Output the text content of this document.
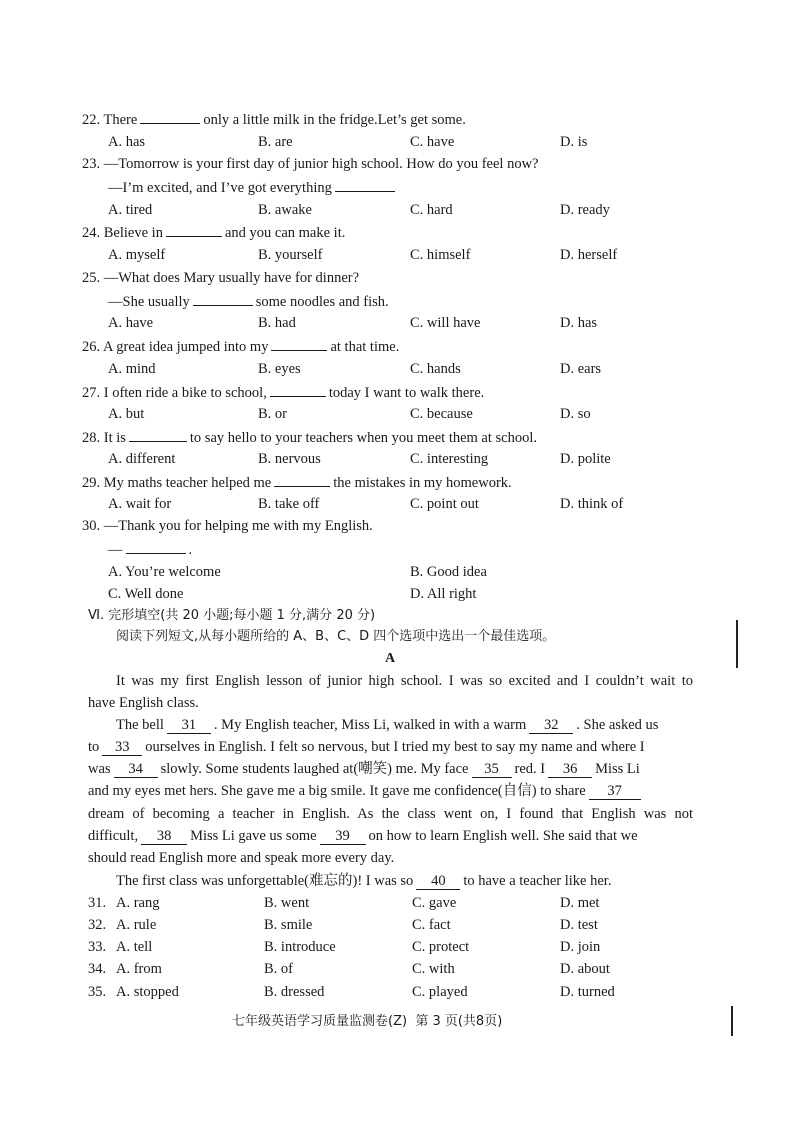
22. There	only a little milk in the fridge.Let’s get some.
A. has	B. are	C. have	D. is
23. —Tomorrow is your first day of junior high school. How do you feel now?
—I’m excited, and I’ve got everything
A. tired	B. awake	C. hard	D. ready
24. Believe in	and you can make it.
A. myself	B. yourself	C. himself	D. herself
25. —What does Mary usually have for dinner?
—She usually	some noodles and fish.
A. have	B. had	C. will have	D. has
26. A great idea jumped into my	at that time.
A. mind	B. eyes	C. hands	D. ears
27. I often ride a bike to school,	today I want to walk there.
A. but	B. or	C. because	D. so
28. It is	to say hello to your teachers when you meet them at school.
A. different	B. nervous	C. interesting	D. polite
29. My maths teacher helped me	the mistakes in my homework.
A. wait for	B. take off	C. point out	D. think of
30. —Thank you for helping me with my English.
—	.
A. You’re welcome	B. Good idea
C. Well done	D. All right
Ⅵ. 完形填空(共 20 小题;每小题 1 分,满分 20 分)
阅读下列短文,从每小题所给的 A、B、C、D 四个选项中选出一个最佳选项。
A
It was my first English lesson of junior high school. I was so excited and I couldn’t wait to
have English class.
The bell 31 . My English teacher, Miss Li, walked in with a warm 32 . She asked us
to 33 ourselves in English. I felt so nervous, but I tried my best to say my name and where I
was 34 slowly. Some students laughed at(嘲笑) me. My face 35 red. I 36 Miss Li
and my eyes met hers. She gave me a big smile. It gave me confidence(自信) to share 37
dream of becoming a teacher in English. As the class went on, I found that English was not
difficult, 38 Miss Li gave us some 39 on how to learn English well. She said that we
should read English more and speak more every day.
The first class was unforgettable(难忘的)! I was so 40 to have a teacher like her.
31. A. rang	B. went	C. gave	D. met
32. A. rule	B. smile	C. fact	D. test
33. A. tell	B. introduce	C. protect	D. join
34. A. from	B. of	C. with	D. about
35. A. stopped	B. dressed	C. played	D. turned
七年级英语学习质量监测卷(Z)  第 3 页(共8页)
